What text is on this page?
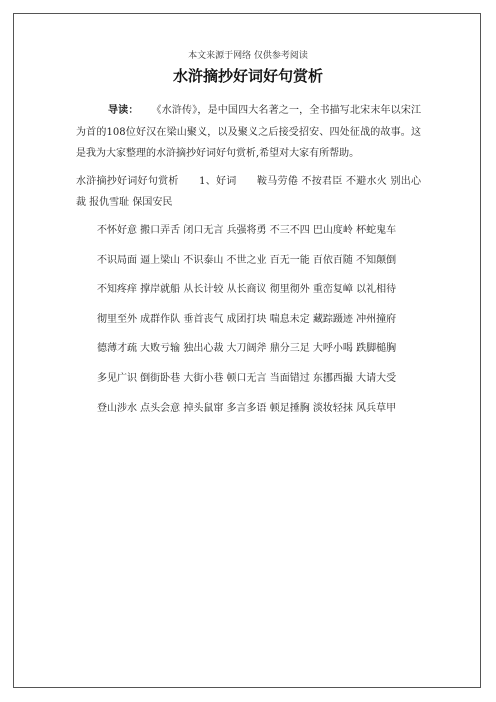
本文来源于网络 仅供参考阅读
水浒摘抄好词好句赏析

导读： 《水浒传》，是中国四大名著之一，全书描写北宋末年以宋江为首的108位好汉在梁山聚义，以及聚义之后接受招安、四处征战的故事。这是我为大家整理的水浒摘抄好词好句赏析,希望对大家有所帮助。

水浒摘抄好词好句赏析　　1、好词　　鞍马劳倦 不按君臣 不避水火 别出心裁 报仇雪耻 保国安民

不怀好意 搬口弄舌 闭口无言 兵强将勇 不三不四 巴山度岭 杯蛇鬼车

不识局面 逼上梁山 不识泰山 不世之业 百无一能 百依百随 不知颠倒

不知疼痒 撑岸就船 从长计较 从长商议 彻里彻外 重峦复嶂 以礼相待

彻里至外 成群作队 垂首丧气 成团打块 喘息未定 藏踪蹑迹 冲州撞府

德薄才疏 大败亏输 独出心裁 大刀阔斧 鼎分三足 大呼小喝 跌脚槌胸

多见广识 倒街卧巷 大街小巷 顿口无言 当面错过 东挪西撮 大请大受

登山涉水 点头会意 掉头鼠窜 多言多语 顿足捶胸 淡妆轻抹 风兵草甲
